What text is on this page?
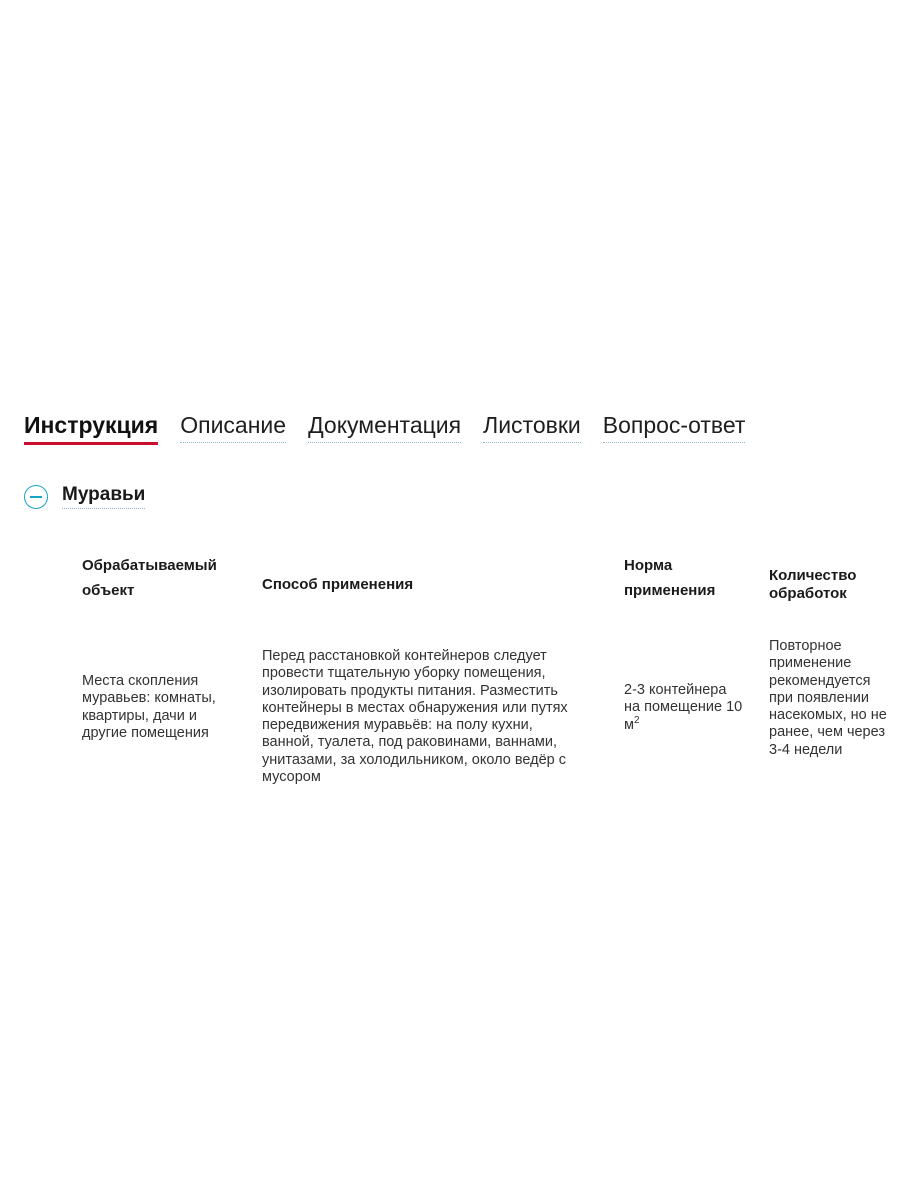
Инструкция Описание Документация Листовки Вопрос-ответ
Муравьи
Обрабатываемый объект	Способ применения
Норма применения
Количество обработок
Места скопления муравьев: комнаты, квартиры, дачи и другие помещения
Перед расстановкой контейнеров следует провести тщательную уборку помещения, изолировать продукты питания. Разместить контейнеры в местах обнаружения или путях передвижения муравьёв: на полу кухни, ванной, туалета, под раковинами, ваннами, унитазами, за холодильником, около ведёр с мусором
2-3 контейнера на помещение 10 $м^2$
Повторное применение рекомендуется при появлении насекомых, но не ранее, чем через 3-4 недели
